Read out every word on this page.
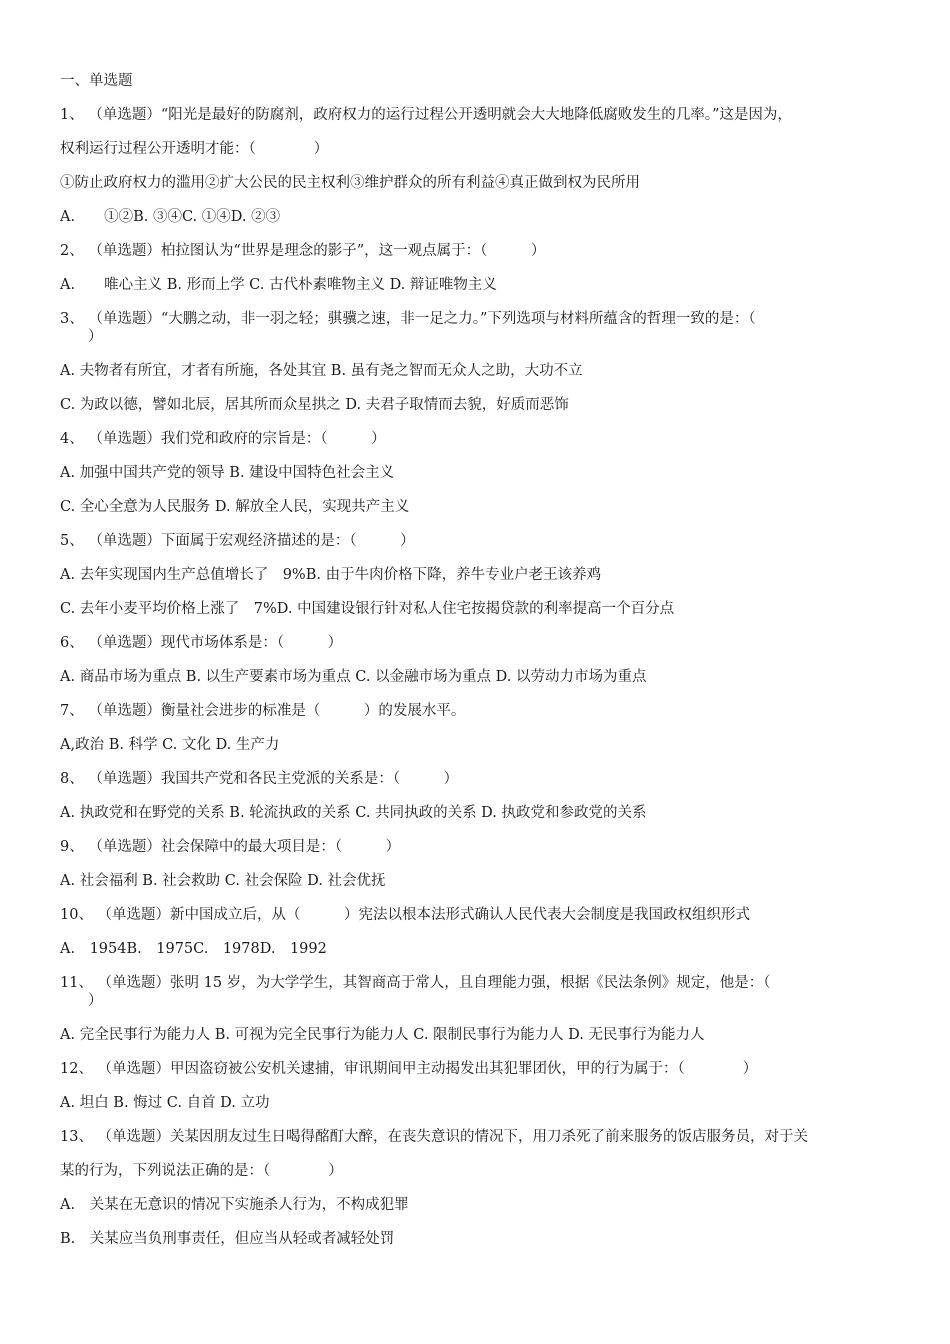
一、单选题
1、 （单选题）“阳光是最好的防腐剂，政府权力的运行过程公开透明就会大大地降低腐败发生的几率。”这是因为，
权利运行过程公开透明才能：（　　　　）
①防止政府权力的滥用②扩大公民的民主权利③维护群众的所有利益④真正做到权为民所用
A.　　①②B. ③④C. ①④D. ②③
2、 （单选题）柏拉图认为“世界是理念的影子”，这一观点属于：（　　　）
A.　　唯心主义 B. 形而上学 C. 古代朴素唯物主义 D. 辩证唯物主义
3、 （单选题）“大鹏之动，非一羽之轻；骐骥之速，非一足之力。”下列选项与材料所蕴含的哲理一致的是：（
）
A. 夫物者有所宜，才者有所施，各处其宜 B. 虽有尧之智而无众人之助，大功不立
C. 为政以德，譬如北辰，居其所而众星拱之 D. 夫君子取情而去貌，好质而恶饰
4、 （单选题）我们党和政府的宗旨是：（　　　）
A. 加强中国共产党的领导 B. 建设中国特色社会主义
C. 全心全意为人民服务 D. 解放全人民，实现共产主义
5、 （单选题）下面属于宏观经济描述的是：（　　　）
A. 去年实现国内生产总值增长了　9%B. 由于牛肉价格下降，养牛专业户老王该养鸡
C. 去年小麦平均价格上涨了　7%D. 中国建设银行针对私人住宅按揭贷款的利率提高一个百分点
6、 （单选题）现代市场体系是：（　　　）
A. 商品市场为重点 B. 以生产要素市场为重点 C. 以金融市场为重点 D. 以劳动力市场为重点
7、 （单选题）衡量社会进步的标准是（　　　）的发展水平。
A,政治 B. 科学 C. 文化 D. 生产力
8、 （单选题）我国共产党和各民主党派的关系是：（　　　）
A. 执政党和在野党的关系 B. 轮流执政的关系 C. 共同执政的关系 D. 执政党和参政党的关系
9、 （单选题）社会保障中的最大项目是：（　　　）
A. 社会福利 B. 社会救助 C. 社会保险 D. 社会优抚
10、 （单选题）新中国成立后，从（　　　）宪法以根本法形式确认人民代表大会制度是我国政权组织形式
A.　1954B.　1975C.　1978D.　1992
11、 （单选题）张明 15 岁，为大学学生，其智商高于常人，且自理能力强，根据《民法条例》规定，他是：（
）
A. 完全民事行为能力人 B. 可视为完全民事行为能力人 C. 限制民事行为能力人 D. 无民事行为能力人
12、 （单选题）甲因盗窃被公安机关逮捕，审讯期间甲主动揭发出其犯罪团伙，甲的行为属于：（　　　　）
A. 坦白 B. 悔过 C. 自首 D. 立功
13、 （单选题）关某因朋友过生日喝得酩酊大醉，在丧失意识的情况下，用刀杀死了前来服务的饭店服务员，对于关
某的行为，下列说法正确的是：（　　　　）
A.　关某在无意识的情况下实施杀人行为，不构成犯罪
B.　关某应当负刑事责任，但应当从轻或者减轻处罚
